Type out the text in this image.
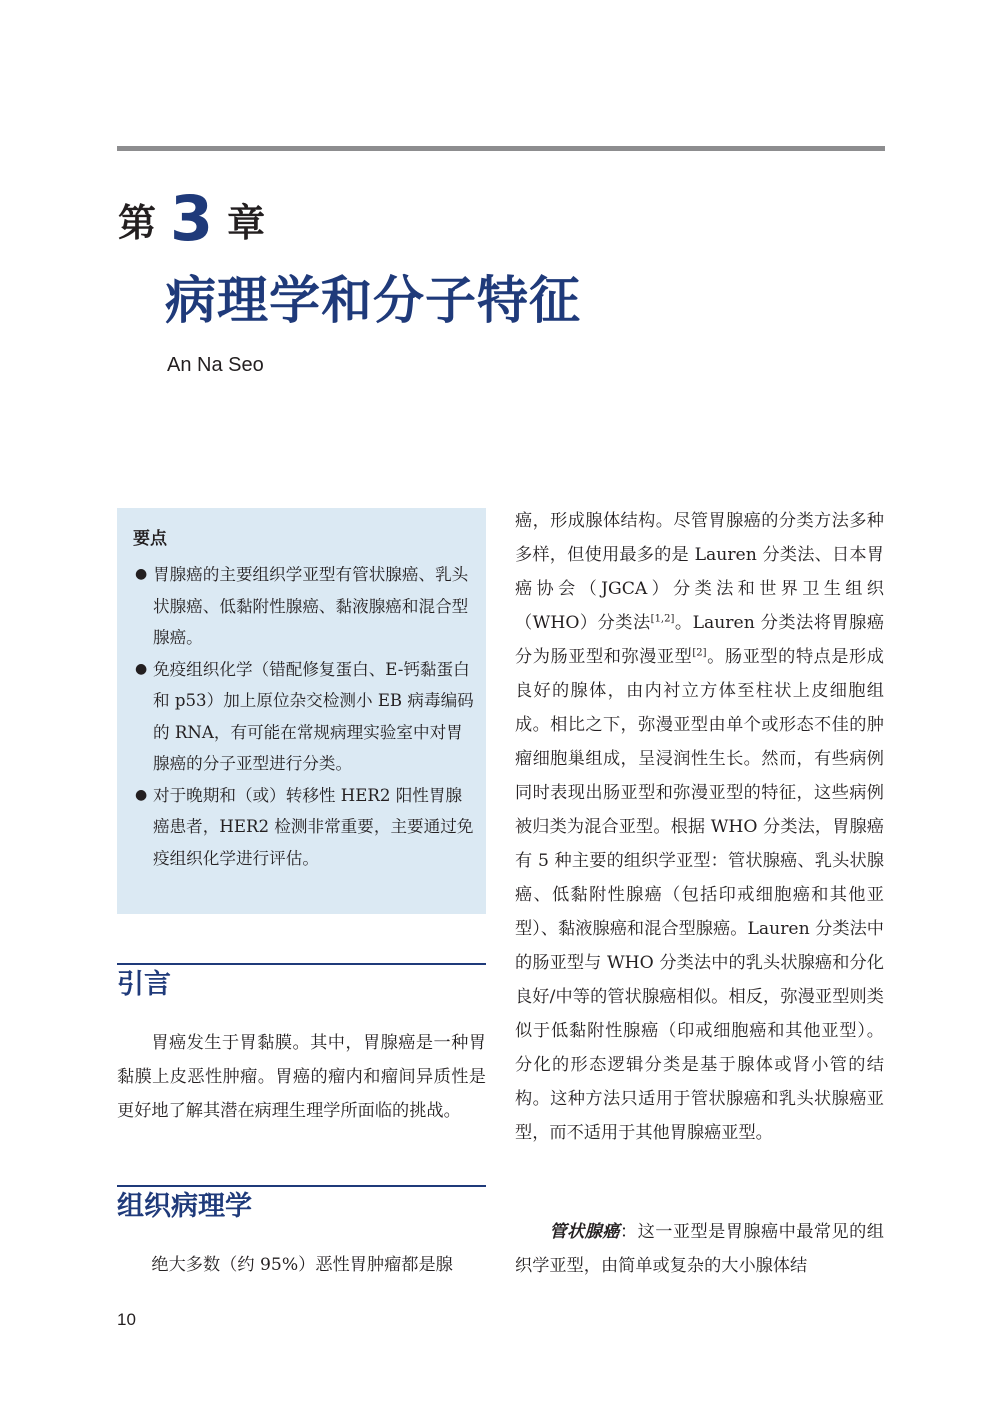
第 3 章
病理学和分子特征
An Na Seo
要点
● 胃腺癌的主要组织学亚型有管状腺癌、乳头状腺癌、低黏附性腺癌、黏液腺癌和混合型腺癌。
● 免疫组织化学（错配修复蛋白、E-钙黏蛋白和 p53）加上原位杂交检测小 EB 病毒编码的 RNA，有可能在常规病理实验室中对胃腺癌的分子亚型进行分类。
● 对于晚期和（或）转移性 HER2 阳性胃腺癌患者，HER2 检测非常重要，主要通过免疫组织化学进行评估。
引言

胃癌发生于胃黏膜。其中，胃腺癌是一种胃黏膜上皮恶性肿瘤。胃癌的瘤内和瘤间异质性是更好地了解其潜在病理生理学所面临的挑战。

组织病理学

绝大多数（约 95%）恶性胃肿瘤都是腺

癌，形成腺体结构。尽管胃腺癌的分类方法多种多样，但使用最多的是 Lauren 分类法、日本胃癌协会（JGCA）分类法和世界卫生组织（WHO）分类法[1,2]。Lauren 分类法将胃腺癌分为肠亚型和弥漫亚型[2]。肠亚型的特点是形成良好的腺体，由内衬立方体至柱状上皮细胞组成。相比之下，弥漫亚型由单个或形态不佳的肿瘤细胞巢组成，呈浸润性生长。然而，有些病例同时表现出肠亚型和弥漫亚型的特征，这些病例被归类为混合亚型。根据 WHO 分类法，胃腺癌有 5 种主要的组织学亚型：管状腺癌、乳头状腺癌、低黏附性腺癌（包括印戒细胞癌和其他亚型）、黏液腺癌和混合型腺癌。Lauren 分类法中的肠亚型与 WHO 分类法中的乳头状腺癌和分化良好/中等的管状腺癌相似。相反，弥漫亚型则类似于低黏附性腺癌（印戒细胞癌和其他亚型）。分化的形态逻辑分类是基于腺体或肾小管的结构。这种方法只适用于管状腺癌和乳头状腺癌亚型，而不适用于其他胃腺癌亚型。

管状腺癌：这一亚型是胃腺癌中最常见的组织学亚型，由简单或复杂的大小腺体结

10
